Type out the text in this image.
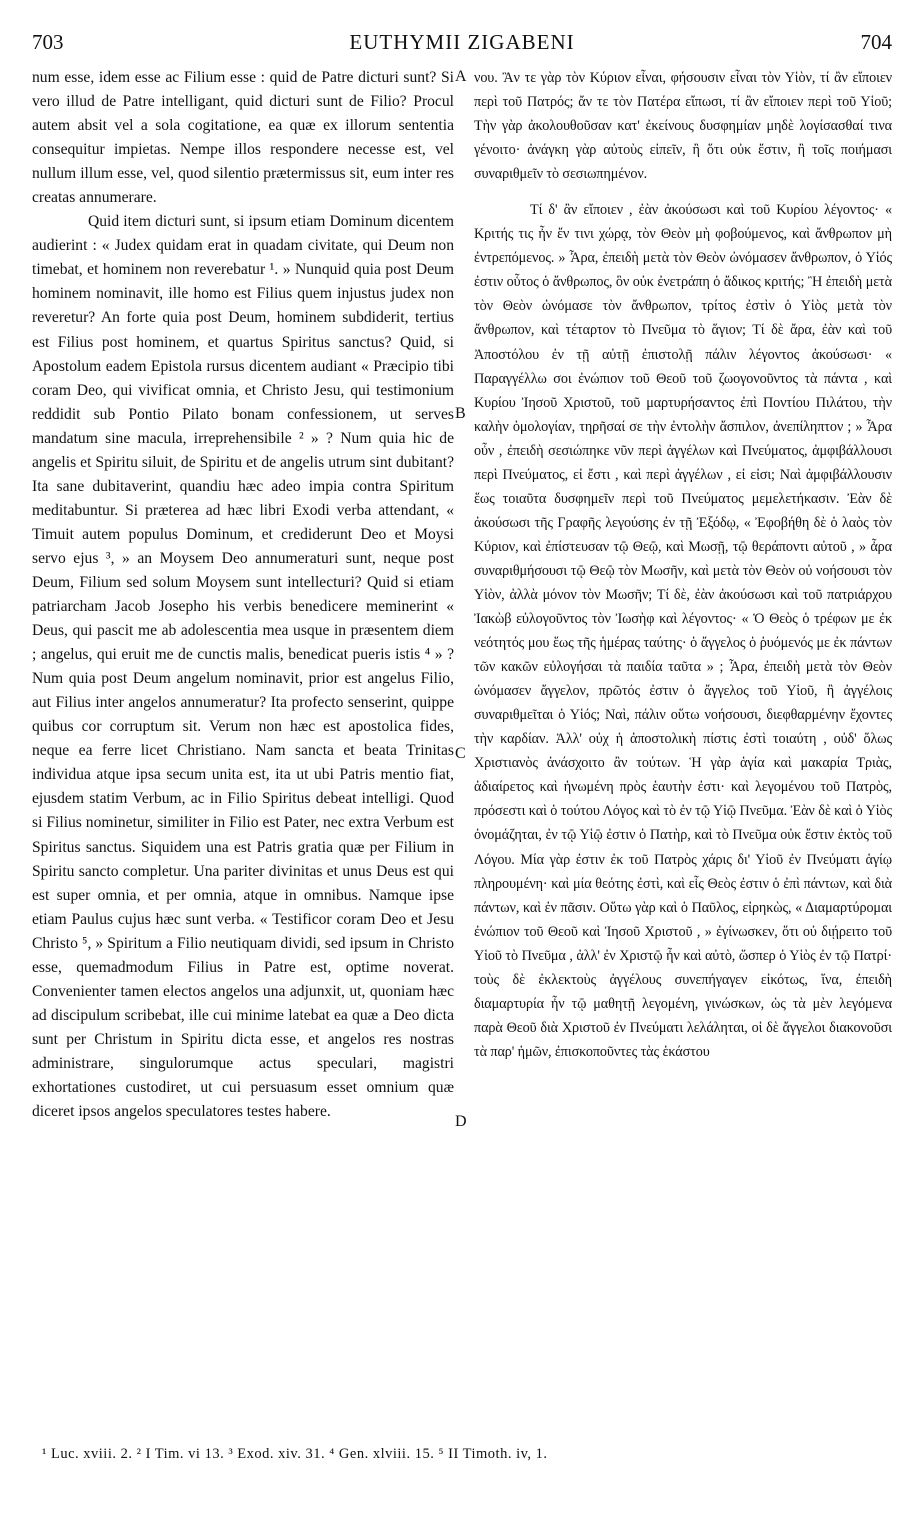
703	EUTHYMII ZIGABENI	704

num esse, idem esse ac Filium esse : quid de Patre dicturi sunt? Si vero illud de Patre intelligant, quid dicturi sunt de Filio? Procul autem absit vel a sola cogitatione, ea quæ ex illorum sententia consequitur impietas. Nempe illos respondere necesse est, vel nullum illum esse, vel, quod silentio prætermissus sit, eum inter res creatas annumerare.

Quid item dicturi sunt, si ipsum etiam Dominum dicentem audierint : « Judex quidam erat in quadam civitate, qui Deum non timebat, et hominem non reverebatur ¹. » Nunquid quia post Deum hominem nominavit, ille homo est Filius quem injustus judex non reveretur? An forte quia post Deum, hominem subdiderit, tertius est Filius post hominem, et quartus Spiritus sanctus? Quid, si Apostolum eadem Epistola rursus dicentem audiant « Præcipio tibi coram Deo, qui vivificat omnia, et Christo Jesu, qui testimonium reddidit sub Pontio Pilato bonam confessionem, ut serves mandatum sine macula, irreprehensibile ² » ? Num quia hic de angelis et Spiritu siluit, de Spiritu et de angelis utrum sint dubitant? Ita sane dubitaverint, quandiu hæc adeo impia contra Spiritum meditabuntur. Si præterea ad hæc libri Exodi verba attendant, « Timuit autem populus Dominum, et crediderunt Deo et Moysi servo ejus ³, » an Moysem Deo annumeraturi sunt, neque post Deum, Filium sed solum Moysem sunt intellecturi? Quid si etiam patriarcham Jacob Josepho his verbis benedicere meminerint « Deus, qui pascit me ab adolescentia mea usque in præsentem diem ; angelus, qui eruit me de cunctis malis, benedicat pueris istis ⁴ » ? Num quia post Deum angelum nominavit, prior est angelus Filio, aut Filius inter angelos annumeratur? Ita profecto senserint, quippe quibus cor corruptum sit. Verum non hæc est apostolica fides, neque ea ferre licet Christiano. Nam sancta et beata Trinitas individua atque ipsa secum unita est, ita ut ubi Patris mentio fiat, ejusdem statim Verbum, ac in Filio Spiritus debeat intelligi. Quod si Filius nominetur, similiter in Filio est Pater, nec extra Verbum est Spiritus sanctus. Siquidem una est Patris gratia quæ per Filium in Spiritu sancto completur. Una pariter divinitas et unus Deus est qui est super omnia, et per omnia, atque in omnibus. Namque ipse etiam Paulus cujus hæc sunt verba. « Testificor coram Deo et Jesu Christo ⁵, » Spiritum a Filio neutiquam dividi, sed ipsum in Christo esse, quemadmodum Filius in Patre est, optime noverat. Convenienter tamen electos angelos una adjunxit, ut, quoniam hæc ad discipulum scribebat, ille cui minime latebat ea quæ a Deo dicta sunt per Christum in Spiritu dicta esse, et angelos res nostras administrare, singulorumque actus speculari, magistri exhortationes custodiret, ut cui persuasum esset omnium quæ diceret ipsos angelos speculatores testes habere.

νου. Ἂν τε γὰρ τὸν Κύριον εἶναι, φήσουσιν εἶναι τὸν Υἱὸν, τί ἂν εἴποιεν περὶ τοῦ Πατρός; ἄν τε τὸν Πατέρα εἴπωσι, τί ἂν εἴποιεν περὶ τοῦ Υἱοῦ; Τὴν γὰρ ἀκολουθοῦσαν κατ' ἐκείνους δυσφημίαν μηδὲ λογίσασθαί τινα γένοιτο· ἀνάγκη γὰρ αὐτοὺς εἰπεῖν, ἢ ὅτι οὐκ ἔστιν, ἢ τοῖς ποιήμασι συναριθμεῖν τὸ σεσιωπημένον.

Τί δ' ἂν εἴποιεν , ἐὰν ἀκούσωσι καὶ τοῦ Κυρίου λέγοντος· « Κριτής τις ἦν ἔν τινι χώρᾳ, τὸν Θεὸν μὴ φοβούμενος, καὶ ἄνθρωπον μὴ ἐντρεπόμενος. » Ἆρα, ἐπειδὴ μετὰ τὸν Θεὸν ὠνόμασεν ἄνθρωπον, ὁ Υἱός ἐστιν οὗτος ὁ ἄνθρωπος, ὃν οὐκ ἐνετράπη ὁ ἄδικος κριτής; Ἢ ἐπειδὴ μετὰ τὸν Θεὸν ὠνόμασε τὸν ἄνθρωπον, τρίτος ἐστὶν ὁ Υἱὸς μετὰ τὸν ἄνθρωπον, καὶ τέταρτον τὸ Πνεῦμα τὸ ἅγιον; Τί δὲ ἄρα, ἐὰν καὶ τοῦ Ἀποστόλου ἐν τῇ αὐτῇ ἐπιστολῇ πάλιν λέγοντος ἀκούσωσι· « Παραγγέλλω σοι ἐνώπιον τοῦ Θεοῦ τοῦ ζωογονοῦντος τὰ πάντα , καὶ Κυρίου Ἰησοῦ Χριστοῦ, τοῦ μαρτυρήσαντος ἐπὶ Ποντίου Πιλάτου, τὴν καλὴν ὁμολογίαν, τηρῆσαί σε τὴν ἐντολὴν ἄσπιλον, ἀνεπίληπτον ; » Ἆρα οὖν , ἐπειδὴ σεσιώπηκε νῦν περὶ ἀγγέλων καὶ Πνεύματος, ἀμφιβάλλουσι περὶ Πνεύματος, εἰ ἔστι , καὶ περὶ ἀγγέλων , εἰ εἰσι; Ναὶ ἀμφιβάλλουσιν ἕως τοιαῦτα δυσφημεῖν περὶ τοῦ Πνεύματος μεμελετήκασιν. Ἐὰν δὲ ἀκούσωσι τῆς Γραφῆς λεγούσης ἐν τῇ Ἐξόδῳ, « Ἐφοβήθη δὲ ὁ λαὸς τὸν Κύριον, καὶ ἐπίστευσαν τῷ Θεῷ, καὶ Μωσῇ, τῷ θεράποντι αὐτοῦ , » ἆρα συναριθμήσουσι τῷ Θεῷ τὸν Μωσῆν, καὶ μετὰ τὸν Θεὸν οὐ νοήσουσι τὸν Υἱὸν, ἀλλὰ μόνον τὸν Μωσῆν; Τί δὲ, ἐὰν ἀκούσωσι καὶ τοῦ πατριάρχου Ἰακὼβ εὐλογοῦντος τὸν Ἰωσὴφ καὶ λέγοντος· « Ὁ Θεὸς ὁ τρέφων με ἐκ νεότητός μου ἕως τῆς ἡμέρας ταύτης· ὁ ἄγγελος ὁ ῥυόμενός με ἐκ πάντων τῶν κακῶν εὐλογήσαι τὰ παιδία ταῦτα » ; Ἆρα, ἐπειδὴ μετὰ τὸν Θεὸν ὠνόμασεν ἄγγελον, πρῶτός ἐστιν ὁ ἄγγελος τοῦ Υἱοῦ, ἢ ἀγγέλοις συναριθμεῖται ὁ Υἱός; Ναὶ, πάλιν οὕτω νοήσουσι, διεφθαρμένην ἔχοντες τὴν καρδίαν. Ἀλλ' οὐχ ἡ ἀποστολικὴ πίστις ἐστὶ τοιαύτη , οὐδ' ὅλως Χριστιανὸς ἀνάσχοιτο ἂν τούτων. Ἡ γὰρ ἁγία καὶ μακαρία Τριὰς, ἀδιαίρετος καὶ ἡνωμένη πρὸς ἑαυτὴν ἐστι· καὶ λεγομένου τοῦ Πατρὸς, πρόσεστι καὶ ὁ τούτου Λόγος καὶ τὸ ἐν τῷ Υἱῷ Πνεῦμα. Ἐὰν δὲ καὶ ὁ Υἱὸς ὀνομάζηται, ἐν τῷ Υἱῷ ἐστιν ὁ Πατὴρ, καὶ τὸ Πνεῦμα οὐκ ἔστιν ἐκτὸς τοῦ Λόγου. Μία γὰρ ἐστιν ἐκ τοῦ Πατρὸς χάρις δι' Υἱοῦ ἐν Πνεύματι ἁγίῳ πληρουμένη· καὶ μία θεότης ἐστὶ, καὶ εἷς Θεὸς ἐστιν ὁ ἐπὶ πάντων, καὶ διὰ πάντων, καὶ ἐν πᾶσιν. Οὕτω γὰρ καὶ ὁ Παῦλος, εἰρηκὼς, « Διαμαρτύρομαι ἐνώπιον τοῦ Θεοῦ καὶ Ἰησοῦ Χριστοῦ , » ἐγίνωσκεν, ὅτι οὐ διῄρειτο τοῦ Υἱοῦ τὸ Πνεῦμα , ἀλλ' ἐν Χριστῷ ἦν καὶ αὐτὸ, ὥσπερ ὁ Υἱὸς ἐν τῷ Πατρί· τοὺς δὲ ἐκλεκτοὺς ἀγγέλους συνεπήγαγεν εἰκότως, ἵνα, ἐπειδὴ διαμαρτυρία ἦν τῷ μαθητῇ λεγομένη, γινώσκων, ὡς τὰ μὲν λεγόμενα παρὰ Θεοῦ διὰ Χριστοῦ ἐν Πνεύματι λελάληται, οἱ δὲ ἄγγελοι διακονοῦσι τὰ παρ' ἡμῶν, ἐπισκοποῦντες τὰς ἑκάστου

A
B
C
D
¹ Luc. xviii. 2. ² I Tim. vi 13. ³ Exod. xiv. 31. ⁴ Gen. xlviii. 15. ⁵ II Timoth. iv, 1.
